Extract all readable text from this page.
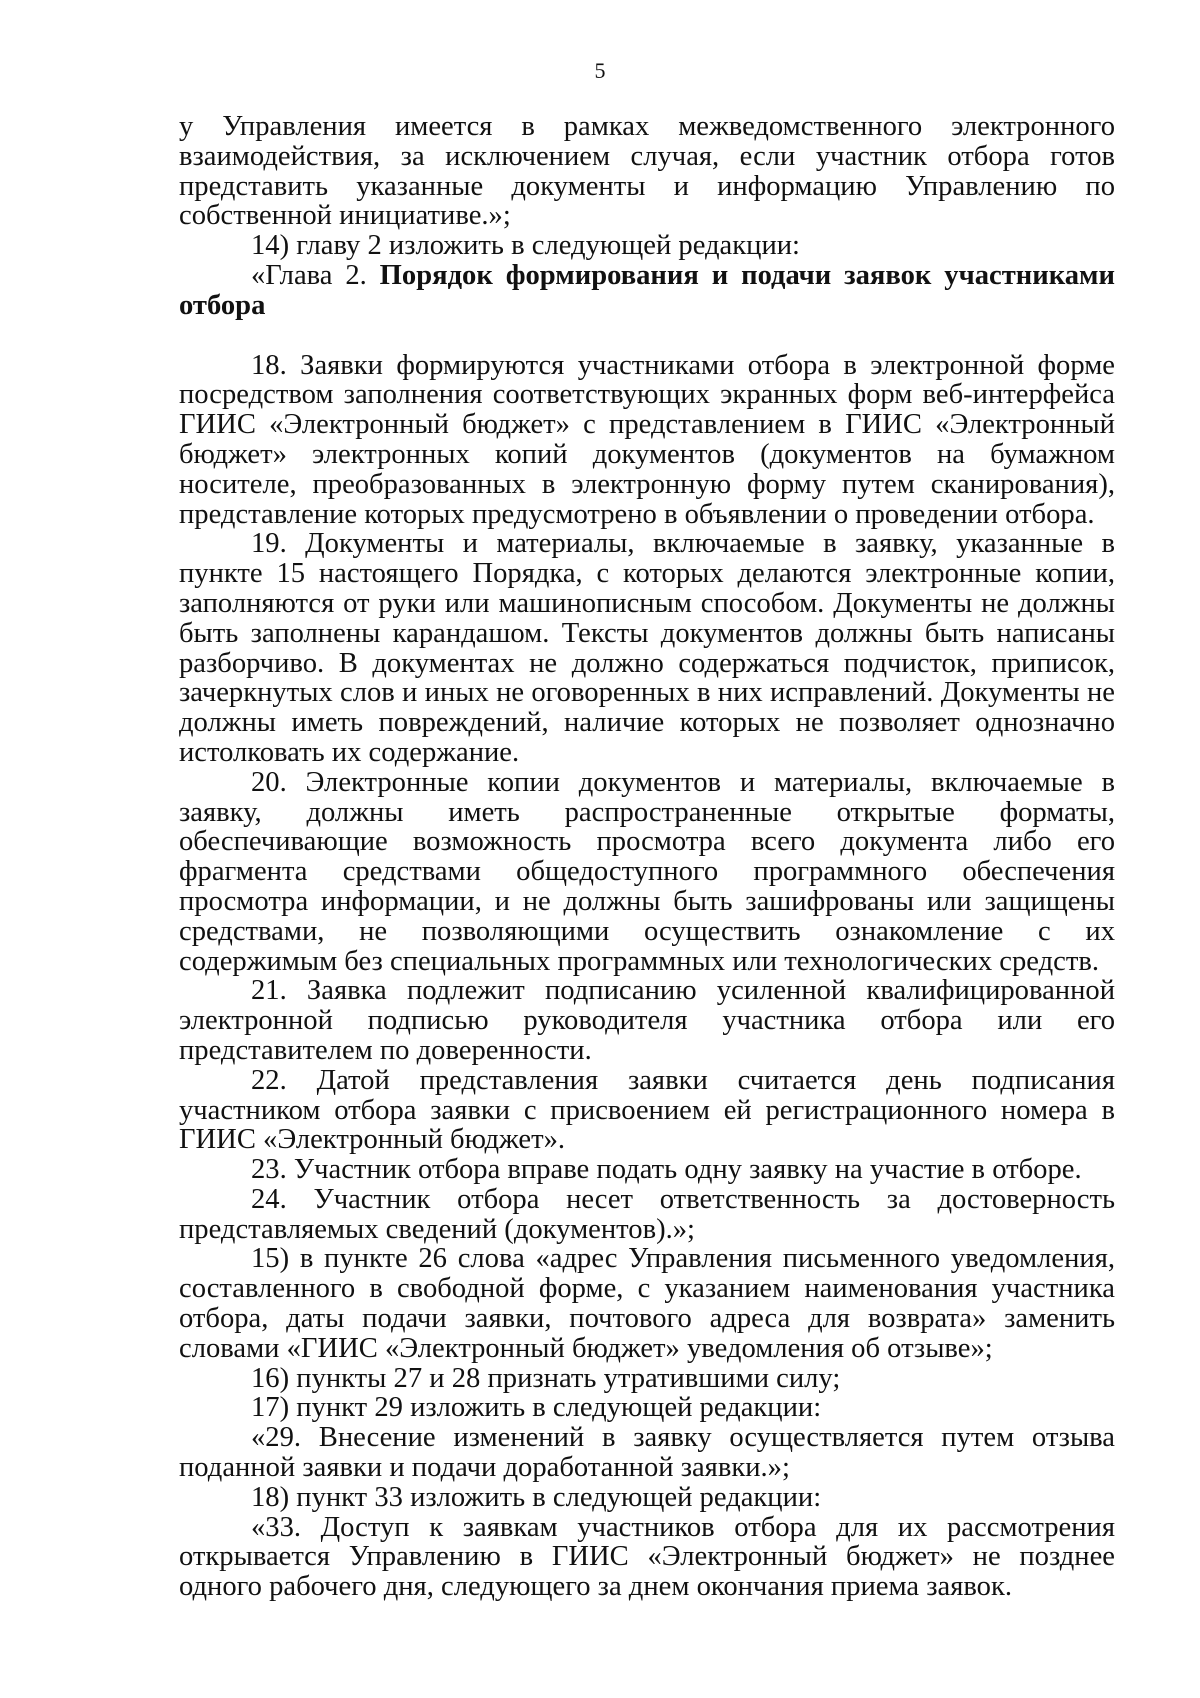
5

у Управления имеется в рамках межведомственного электронного взаимодействия, за исключением случая, если участник отбора готов представить указанные документы и информацию Управлению по собственной инициативе.»;

14) главу 2 изложить в следующей редакции:

«Глава 2. Порядок формирования и подачи заявок участниками отбора

18. Заявки формируются участниками отбора в электронной форме посредством заполнения соответствующих экранных форм веб-интерфейса ГИИС «Электронный бюджет» с представлением в ГИИС «Электронный бюджет» электронных копий документов (документов на бумажном носителе, преобразованных в электронную форму путем сканирования), представление которых предусмотрено в объявлении о проведении отбора.

19. Документы и материалы, включаемые в заявку, указанные в пункте 15 настоящего Порядка, с которых делаются электронные копии, заполняются от руки или машинописным способом. Документы не должны быть заполнены карандашом. Тексты документов должны быть написаны разборчиво. В документах не должно содержаться подчисток, приписок, зачеркнутых слов и иных не оговоренных в них исправлений. Документы не должны иметь повреждений, наличие которых не позволяет однозначно истолковать их содержание.

20. Электронные копии документов и материалы, включаемые в заявку, должны иметь распространенные открытые форматы, обеспечивающие возможность просмотра всего документа либо его фрагмента средствами общедоступного программного обеспечения просмотра информации, и не должны быть зашифрованы или защищены средствами, не позволяющими осуществить ознакомление с их содержимым без специальных программных или технологических средств.

21. Заявка подлежит подписанию усиленной квалифицированной электронной подписью руководителя участника отбора или его представителем по доверенности.

22. Датой представления заявки считается день подписания участником отбора заявки с присвоением ей регистрационного номера в ГИИС «Электронный бюджет».

23. Участник отбора вправе подать одну заявку на участие в отборе.

24. Участник отбора несет ответственность за достоверность представляемых сведений (документов).»;

15) в пункте 26 слова «адрес Управления письменного уведомления, составленного в свободной форме, с указанием наименования участника отбора, даты подачи заявки, почтового адреса для возврата» заменить словами «ГИИС «Электронный бюджет» уведомления об отзыве»;

16) пункты 27 и 28 признать утратившими силу;

17) пункт 29 изложить в следующей редакции:

«29. Внесение изменений в заявку осуществляется путем отзыва поданной заявки и подачи доработанной заявки.»;

18) пункт 33 изложить в следующей редакции:

«33. Доступ к заявкам участников отбора для их рассмотрения открывается Управлению в ГИИС «Электронный бюджет» не позднее одного рабочего дня, следующего за днем окончания приема заявок.
